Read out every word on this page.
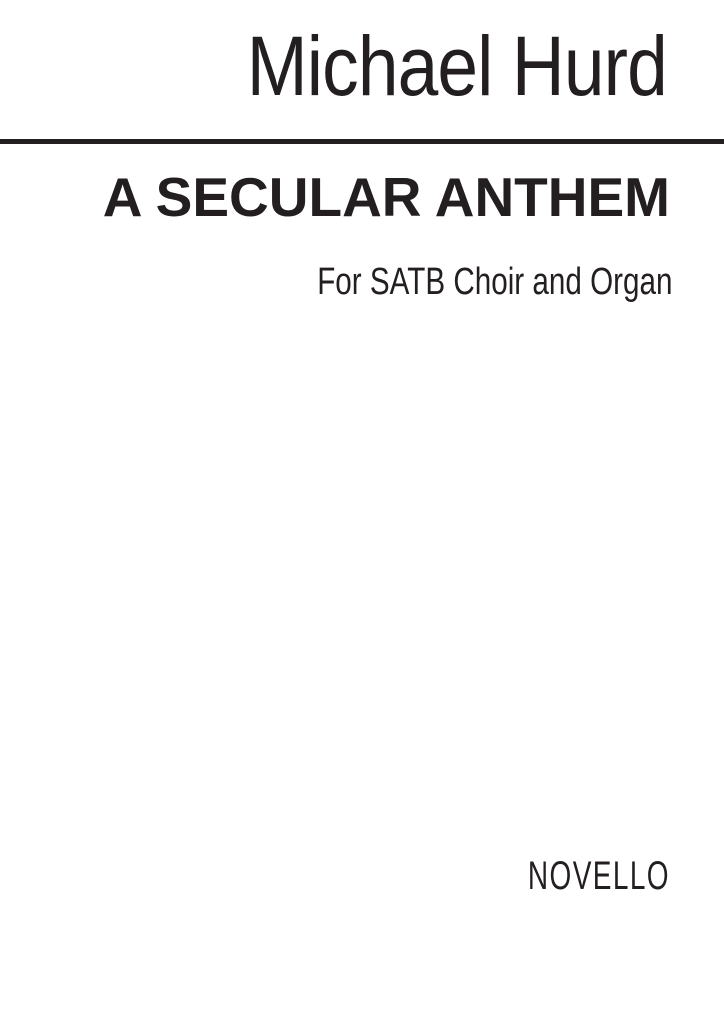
Michael Hurd
A SECULAR ANTHEM
For SATB Choir and Organ
NOVELLO
